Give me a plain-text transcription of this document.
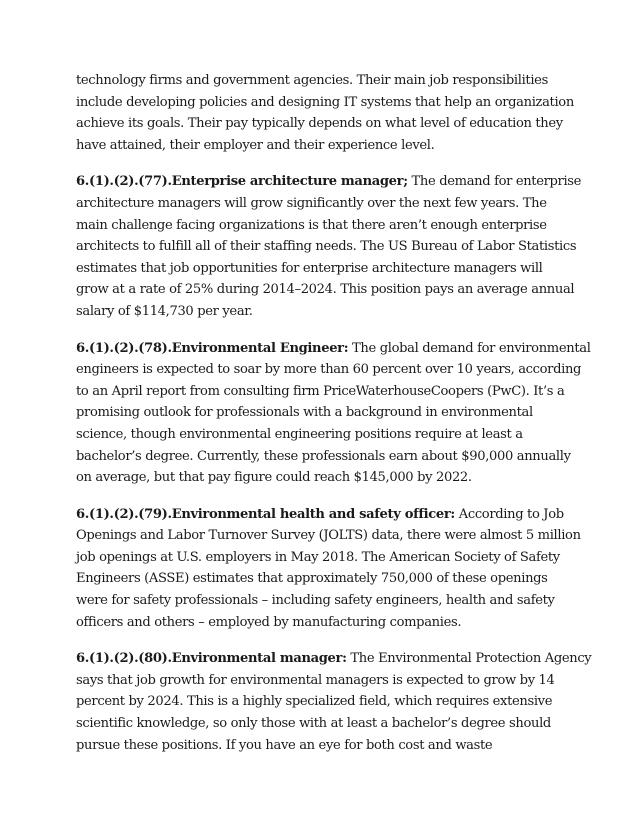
technology firms and government agencies. Their main job responsibilities
include developing policies and designing IT systems that help an organization
achieve its goals. Their pay typically depends on what level of education they
have attained, their employer and their experience level.
6.(1).(2).(77).Enterprise architecture manager; The demand for enterprise
architecture managers will grow significantly over the next few years. The
main challenge facing organizations is that there aren’t enough enterprise
architects to fulfill all of their staffing needs. The US Bureau of Labor Statistics
estimates that job opportunities for enterprise architecture managers will
grow at a rate of 25% during 2014–2024. This position pays an average annual
salary of $114,730 per year.
6.(1).(2).(78).Environmental Engineer: The global demand for environmental
engineers is expected to soar by more than 60 percent over 10 years, according
to an April report from consulting firm PriceWaterhouseCoopers (PwC). It’s a
promising outlook for professionals with a background in environmental
science, though environmental engineering positions require at least a
bachelor’s degree. Currently, these professionals earn about $90,000 annually
on average, but that pay figure could reach $145,000 by 2022.
6.(1).(2).(79).Environmental health and safety officer: According to Job
Openings and Labor Turnover Survey (JOLTS) data, there were almost 5 million
job openings at U.S. employers in May 2018. The American Society of Safety
Engineers (ASSE) estimates that approximately 750,000 of these openings
were for safety professionals – including safety engineers, health and safety
officers and others – employed by manufacturing companies.
6.(1).(2).(80).Environmental manager: The Environmental Protection Agency
says that job growth for environmental managers is expected to grow by 14
percent by 2024. This is a highly specialized field, which requires extensive
scientific knowledge, so only those with at least a bachelor’s degree should
pursue these positions. If you have an eye for both cost and waste
